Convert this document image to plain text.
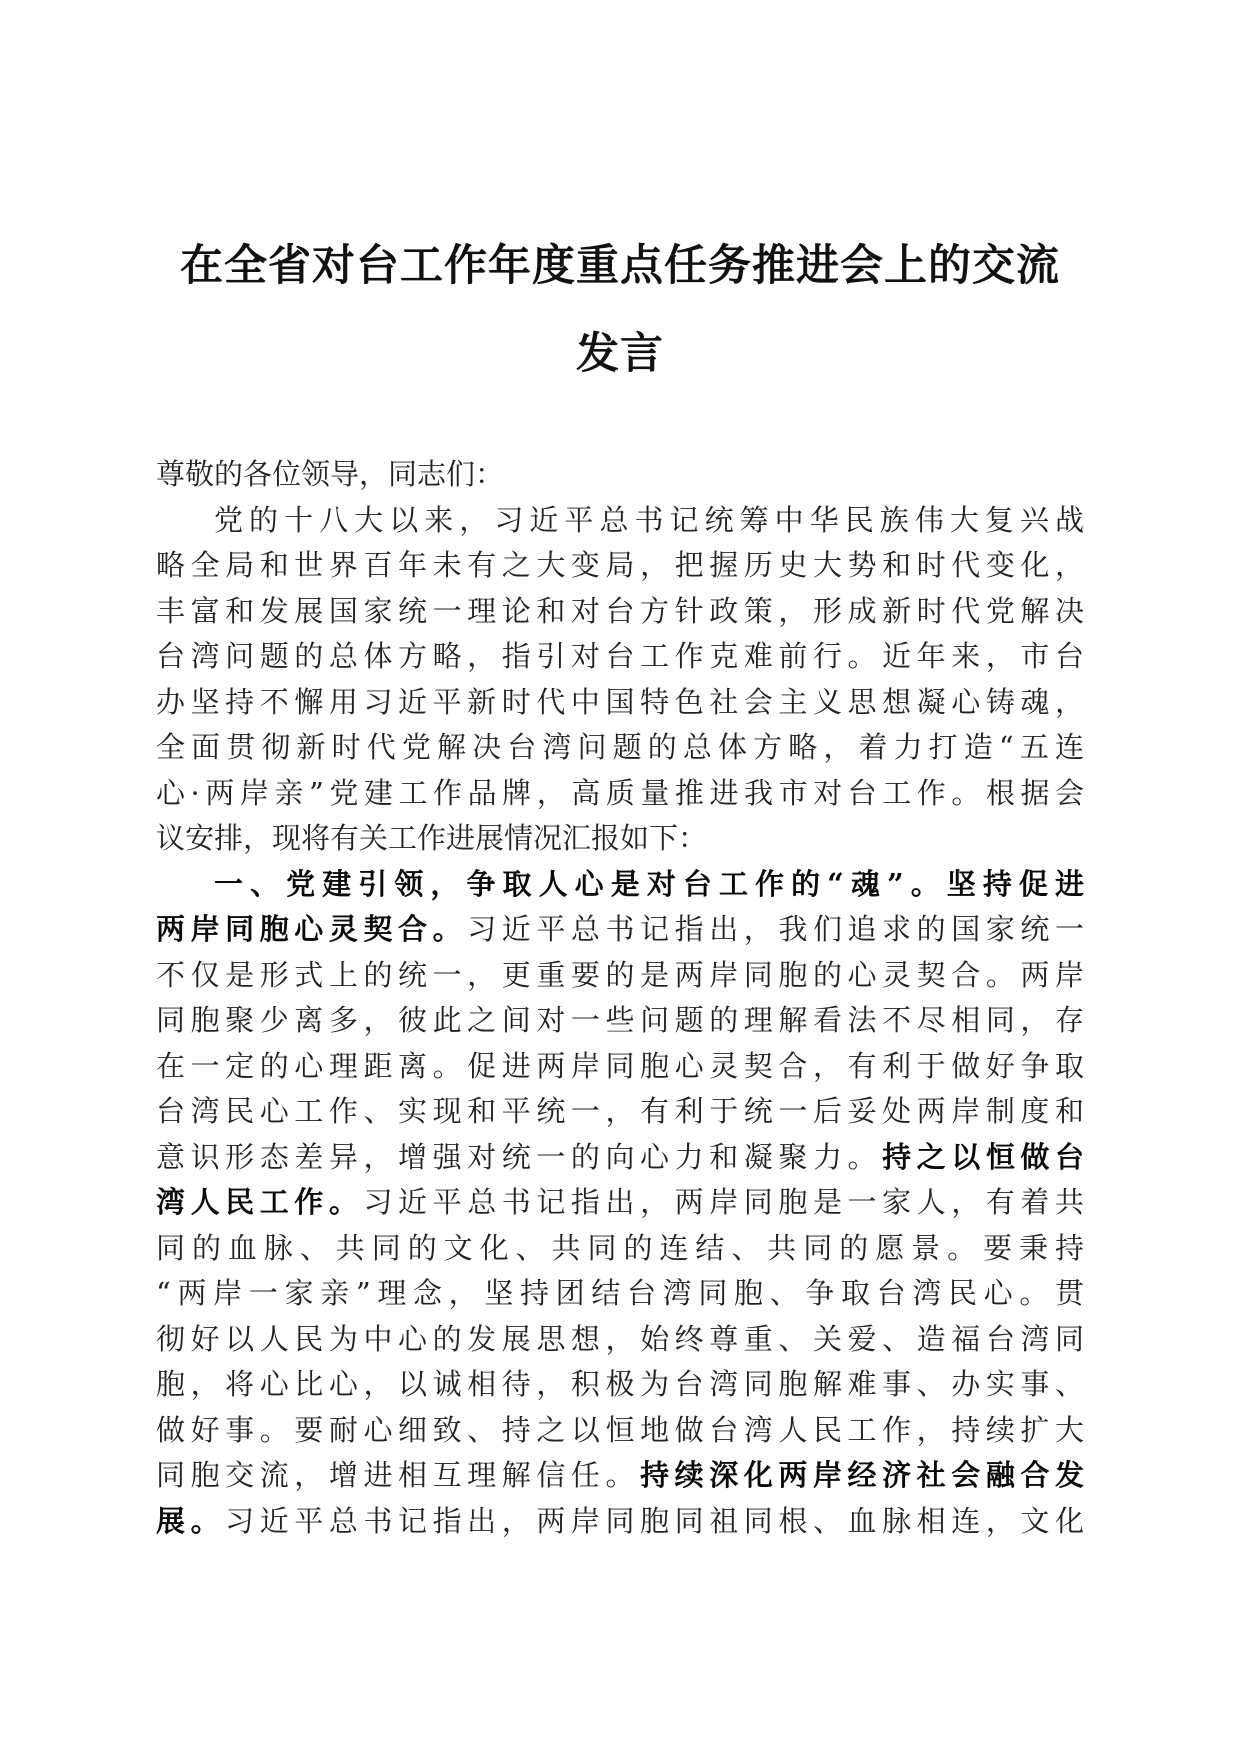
在全省对台工作年度重点任务推进会上的交流
发言
尊敬的各位领导，同志们：
党的十八大以来，习近平总书记统筹中华民族伟大复兴战
略全局和世界百年未有之大变局，把握历史大势和时代变化，
丰富和发展国家统一理论和对台方针政策，形成新时代党解决
台湾问题的总体方略，指引对台工作克难前行。近年来，市台
办坚持不懈用习近平新时代中国特色社会主义思想凝心铸魂，
全面贯彻新时代党解决台湾问题的总体方略，着力打造“五连
心·两岸亲”党建工作品牌，高质量推进我市对台工作。根据会
议安排，现将有关工作进展情况汇报如下：
一、党建引领，争取人心是对台工作的“魂”。坚持促进
两岸同胞心灵契合。习近平总书记指出，我们追求的国家统一
不仅是形式上的统一，更重要的是两岸同胞的心灵契合。两岸
同胞聚少离多，彼此之间对一些问题的理解看法不尽相同，存
在一定的心理距离。促进两岸同胞心灵契合，有利于做好争取
台湾民心工作、实现和平统一，有利于统一后妥处两岸制度和
意识形态差异，增强对统一的向心力和凝聚力。持之以恒做台
湾人民工作。习近平总书记指出，两岸同胞是一家人，有着共
同的血脉、共同的文化、共同的连结、共同的愿景。要秉持
“两岸一家亲”理念，坚持团结台湾同胞、争取台湾民心。贯
彻好以人民为中心的发展思想，始终尊重、关爱、造福台湾同
胞，将心比心，以诚相待，积极为台湾同胞解难事、办实事、
做好事。要耐心细致、持之以恒地做台湾人民工作，持续扩大
同胞交流，增进相互理解信任。持续深化两岸经济社会融合发
展。习近平总书记指出，两岸同胞同祖同根、血脉相连，文化
